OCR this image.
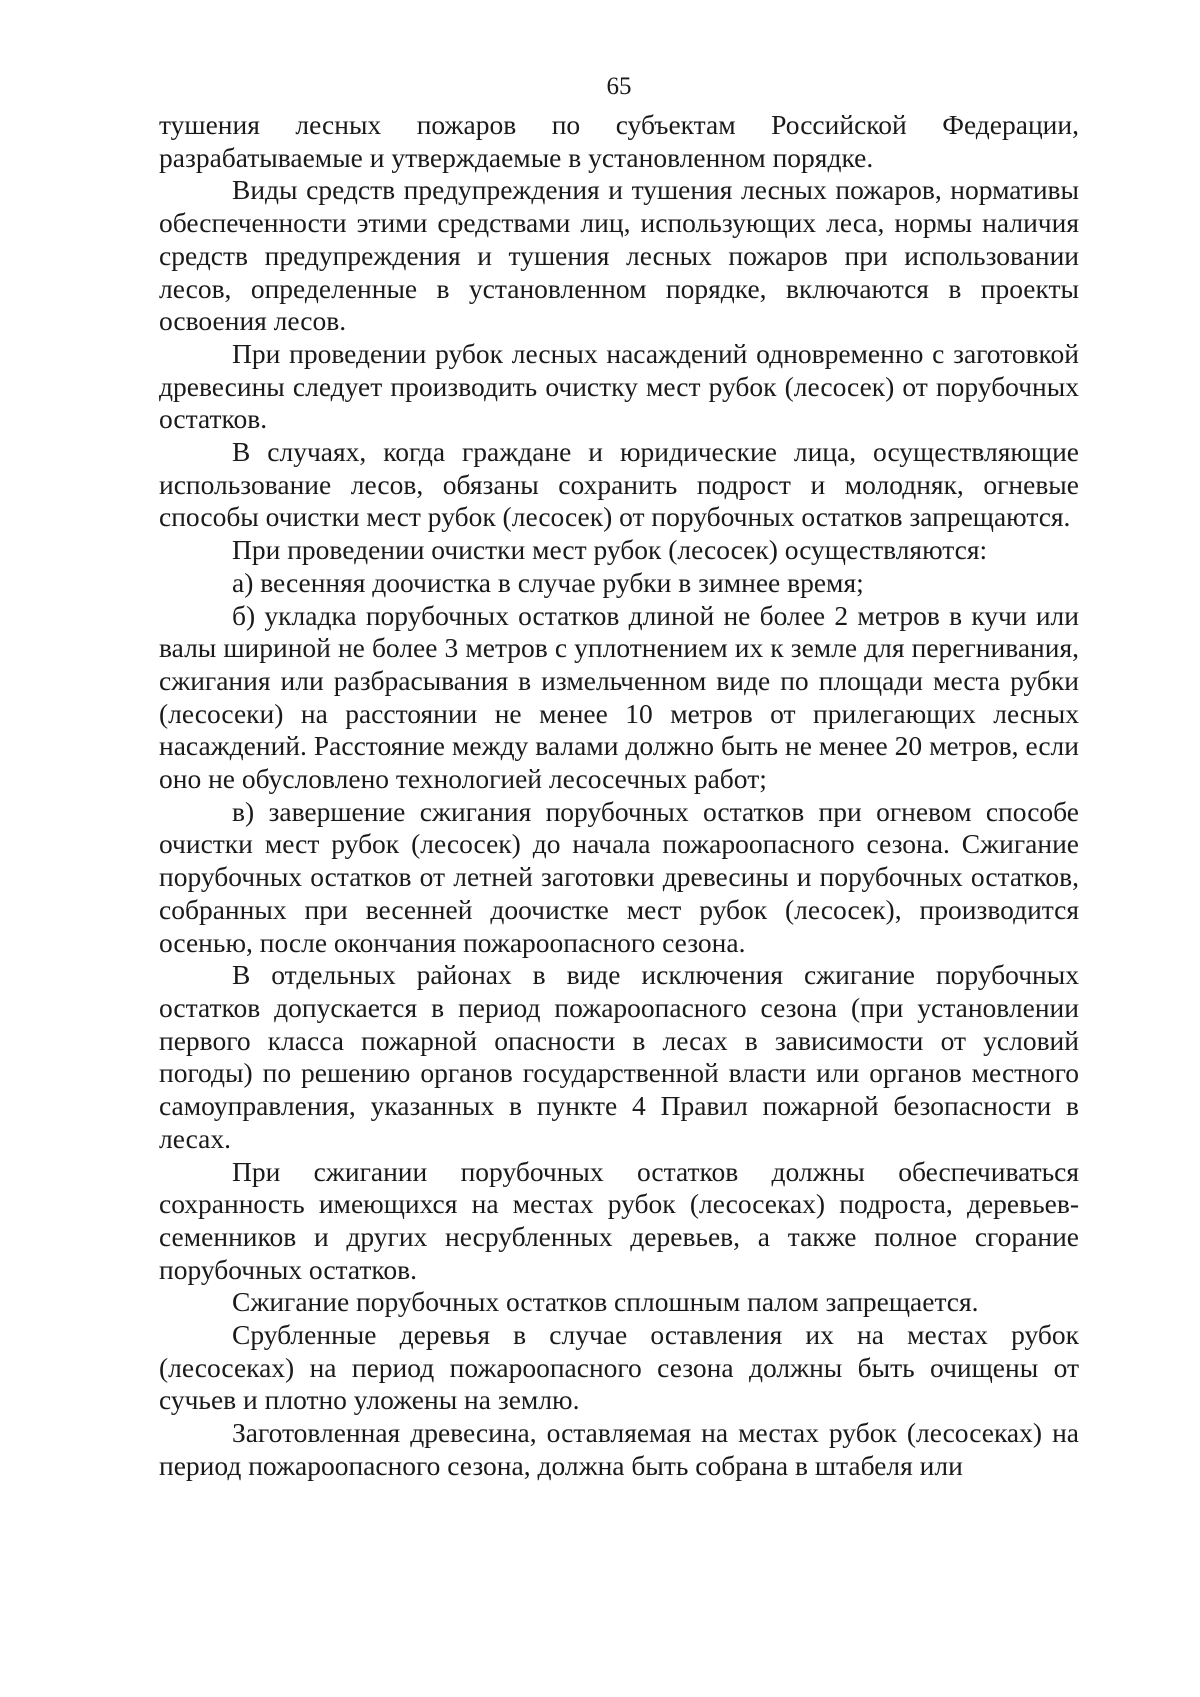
65

тушения лесных пожаров по субъектам Российской Федерации, разрабатываемые и утверждаемые в установленном порядке.

Виды средств предупреждения и тушения лесных пожаров, нормативы обеспеченности этими средствами лиц, использующих леса, нормы наличия средств предупреждения и тушения лесных пожаров при использовании лесов, определенные в установленном порядке, включаются в проекты освоения лесов.

При проведении рубок лесных насаждений одновременно с заготовкой древесины следует производить очистку мест рубок (лесосек) от порубочных остатков.

В случаях, когда граждане и юридические лица, осуществляющие использование лесов, обязаны сохранить подрост и молодняк, огневые способы очистки мест рубок (лесосек) от порубочных остатков запрещаются.

При проведении очистки мест рубок (лесосек) осуществляются:

а) весенняя доочистка в случае рубки в зимнее время;

б) укладка порубочных остатков длиной не более 2 метров в кучи или валы шириной не более 3 метров с уплотнением их к земле для перегнивания, сжигания или разбрасывания в измельченном виде по площади места рубки (лесосеки) на расстоянии не менее 10 метров от прилегающих лесных насаждений. Расстояние между валами должно быть не менее 20 метров, если оно не обусловлено технологией лесосечных работ;

в) завершение сжигания порубочных остатков при огневом способе очистки мест рубок (лесосек) до начала пожароопасного сезона. Сжигание порубочных остатков от летней заготовки древесины и порубочных остатков, собранных при весенней доочистке мест рубок (лесосек), производится осенью, после окончания пожароопасного сезона.

В отдельных районах в виде исключения сжигание порубочных остатков допускается в период пожароопасного сезона (при установлении первого класса пожарной опасности в лесах в зависимости от условий погоды) по решению органов государственной власти или органов местного самоуправления, указанных в пункте 4 Правил пожарной безопасности в лесах.

При сжигании порубочных остатков должны обеспечиваться сохранность имеющихся на местах рубок (лесосеках) подроста, деревьев-семенников и других несрубленных деревьев, а также полное сгорание порубочных остатков.

Сжигание порубочных остатков сплошным палом запрещается.

Срубленные деревья в случае оставления их на местах рубок (лесосеках) на период пожароопасного сезона должны быть очищены от сучьев и плотно уложены на землю.

Заготовленная древесина, оставляемая на местах рубок (лесосеках) на период пожароопасного сезона, должна быть собрана в штабеля или
